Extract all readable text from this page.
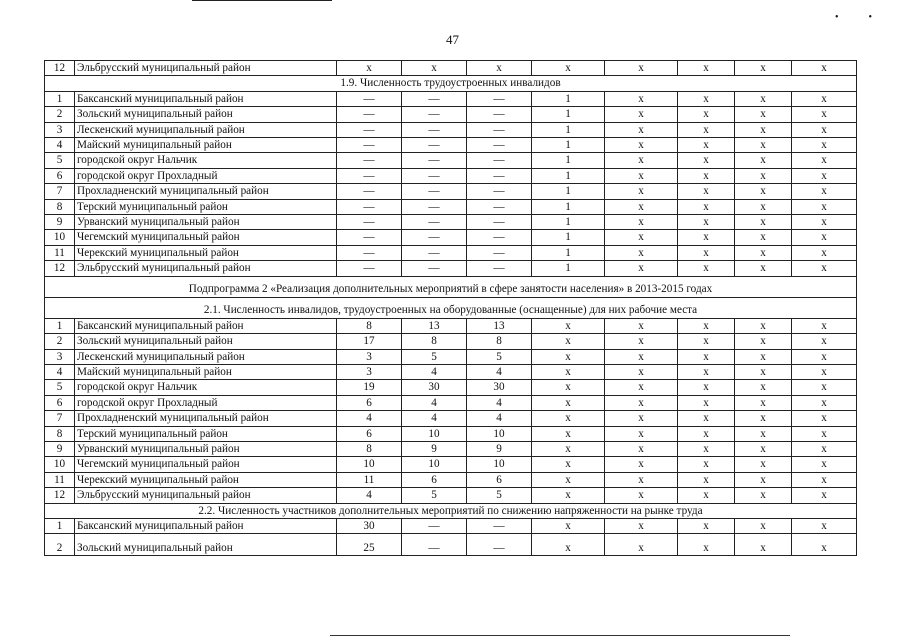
••
47
12	Эльбрусский муниципальный район	х	х	х	х	х	х	х	х
1.9. Численность трудоустроенных инвалидов									
1	Баксанский муниципальный район	—	—	—	1	х	х	х	х
2	Зольский муниципальный район	—	—	—	1	х	х	х	х
3	Лескенский муниципальный район	—	—	—	1	х	х	х	х
4	Майский муниципальный район	—	—	—	1	х	х	х	х
5	городской округ Нальчик	—	—	—	1	х	х	х	х
6	городской округ Прохладный	—	—	—	1	х	х	х	х
7	Прохладненский муниципальный район	—	—	—	1	х	х	х	х
8	Терский муниципальный район	—	—	—	1	х	х	х	х
9	Урванский муниципальный район	—	—	—	1	х	х	х	х
10	Чегемский муниципальный район	—	—	—	1	х	х	х	х
11	Черекский муниципальный район	—	—	—	1	х	х	х	х
12	Эльбрусский муниципальный район	—	—	—	1	х	х	х	х
Подпрограмма 2 «Реализация дополнительных мероприятий в сфере занятости населения» в 2013-2015 годах									
2.1. Численность инвалидов, трудоустроенных на оборудованные (оснащенные) для них рабочие места									
1	Баксанский муниципальный район	8	13	13	х	х	х	х	х
2	Зольский муниципальный район	17	8	8	х	х	х	х	х
3	Лескенский муниципальный район	3	5	5	х	х	х	х	х
4	Майский муниципальный район	3	4	4	х	х	х	х	х
5	городской округ Нальчик	19	30	30	х	х	х	х	х
6	городской округ Прохладный	6	4	4	х	х	х	х	х
7	Прохладненский муниципальный район	4	4	4	х	х	х	х	х
8	Терский муниципальный район	6	10	10	х	х	х	х	х
9	Урванский муниципальный район	8	9	9	х	х	х	х	х
10	Чегемский муниципальный район	10	10	10	х	х	х	х	х
11	Черекский муниципальный район	11	6	6	х	х	х	х	х
12	Эльбрусский муниципальный район	4	5	5	х	х	х	х	х
2.2. Численность участников дополнительных мероприятий по снижению напряженности на рынке труда									
1	Баксанский муниципальный район	30	—	—	х	х	х	х	х
2	Зольский муниципальный район	25	—	—	х	х	х	х	х
